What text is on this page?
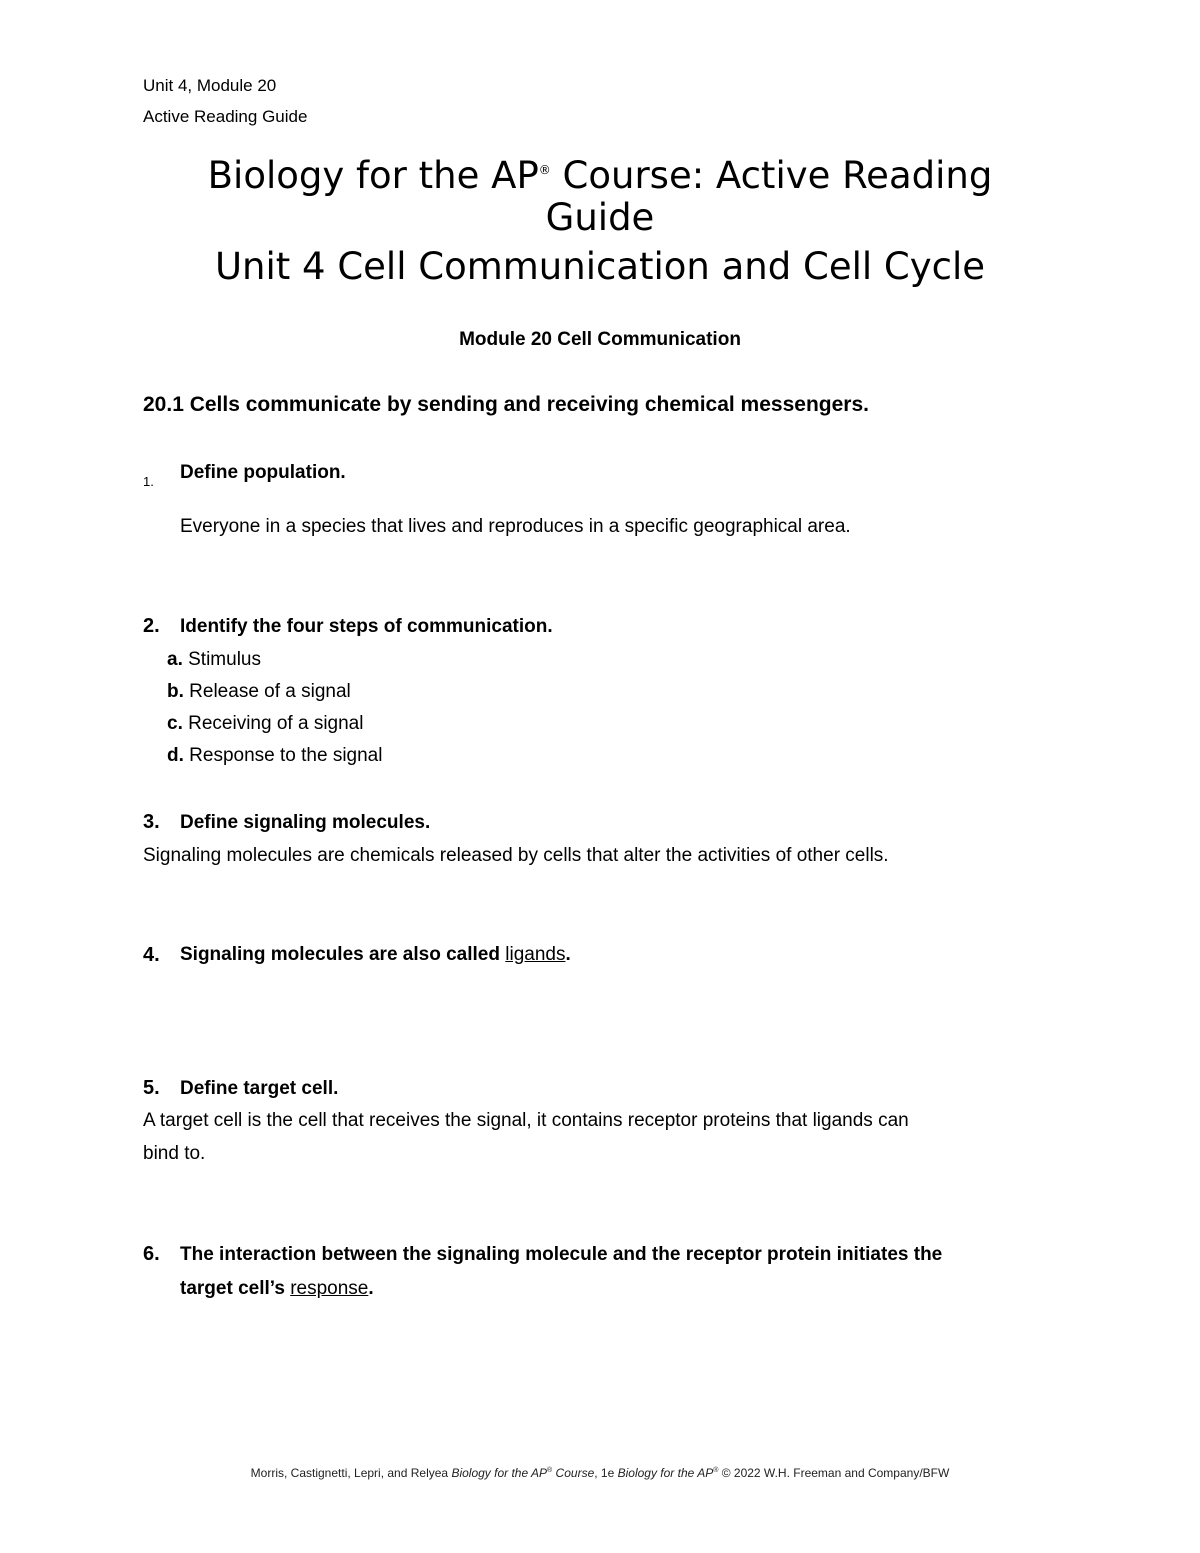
Unit 4, Module 20
Active Reading Guide
Biology for the AP® Course: Active Reading
Guide
Unit 4 Cell Communication and Cell Cycle
Module 20 Cell Communication
20.1 Cells communicate by sending and receiving chemical messengers.
1. Define population.
Everyone in a species that lives and reproduces in a specific geographical area.
2. Identify the four steps of communication.
a. Stimulus
b. Release of a signal
c. Receiving of a signal
d. Response to the signal
3. Define signaling molecules.
Signaling molecules are chemicals released by cells that alter the activities of other cells.
4. Signaling molecules are also called ligands.
5. Define target cell.
A target cell is the cell that receives the signal, it contains receptor proteins that ligands can
bind to.
6. The interaction between the signaling molecule and the receptor protein initiates the
target cell’s response.
Morris, Castignetti, Lepri, and Relyea Biology for the AP® Course, 1e Biology for the AP® © 2022 W.H. Freeman and Company/BFW
